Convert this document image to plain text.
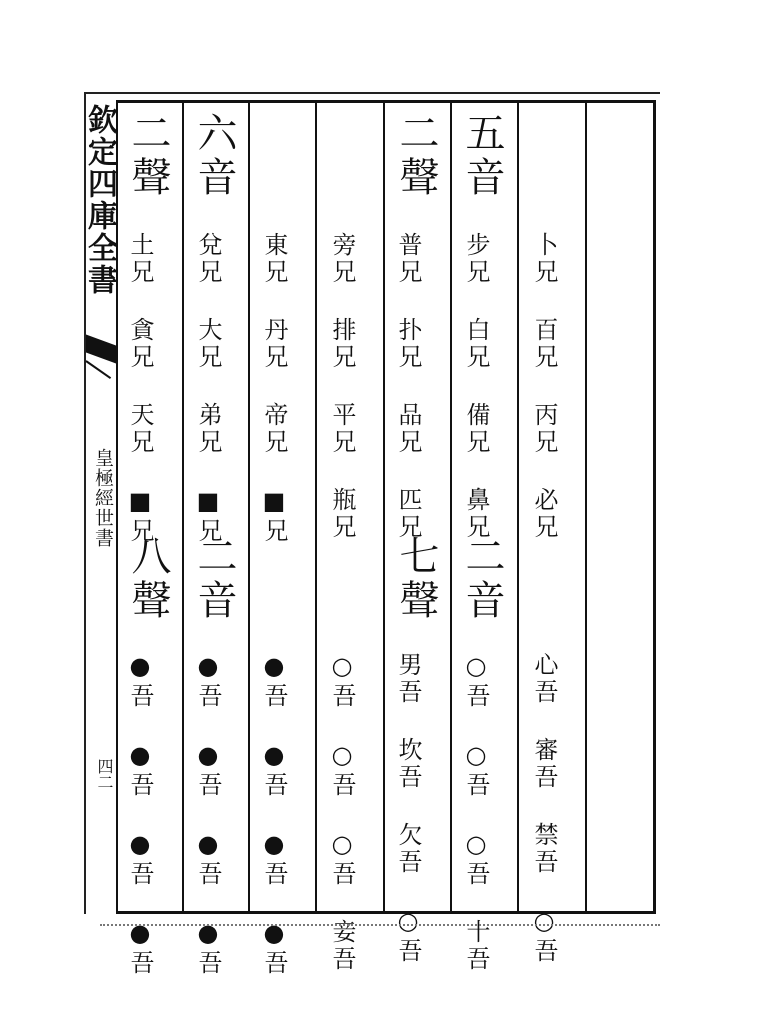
欽定四庫全書
皇極經世書
四二
卜兄 百兄 丙兄 必兄
心吾 審吾 禁吾 ○吾
五音
步兄 白兄 備兄 鼻兄
二音
○吾 ○吾 ○吾 十吾
二聲
普兄 扑兄 品兄 匹兄
七聲
男吾 坎吾 欠吾 ○吾
旁兄 排兄 平兄 瓶兄
○吾 ○吾 ○吾 妾吾
東兄 丹兄 帝兄 ■兄
●吾 ●吾 ●吾 ●吾
六音
兌兄 大兄 弟兄 ■兄
二音
●吾 ●吾 ●吾 ●吾
二聲
土兄 貪兄 天兄 ■兄
八聲
●吾 ●吾 ●吾 ●吾
